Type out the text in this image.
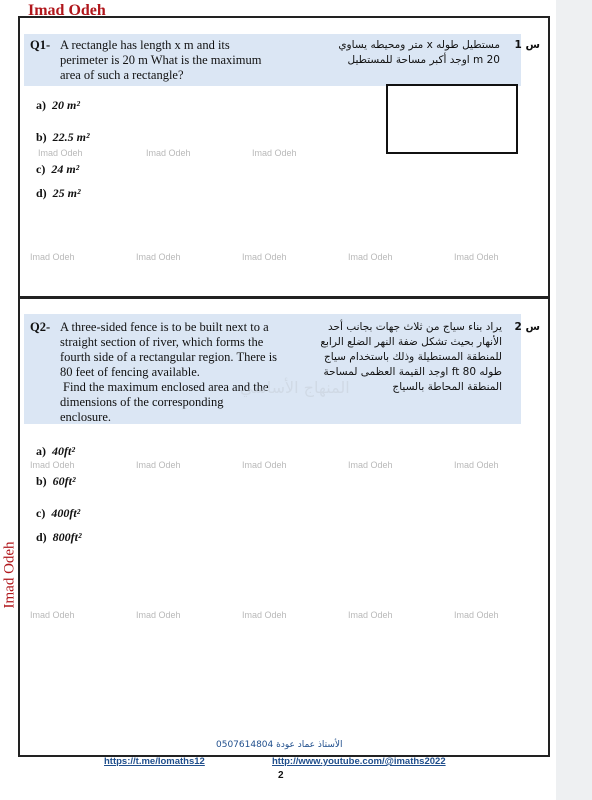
Imad Odeh
Imad Odeh
Q1- A rectangle has length x m and its
perimeter is 20 m What is the maximum
area of such a rectangle?
مستطيل طوله x متر ومحيطه يساوي
20 m اوجد أكبر مساحة للمستطيل
س 1
a) 20 m²
b) 22.5 m²
c) 24 m²
d) 25 m²
Imad Odeh	Imad Odeh	Imad Odeh
Imad Odeh	Imad Odeh	Imad Odeh	Imad Odeh	Imad Odeh
Q2- A three-sided fence is to be built next to a
straight section of river, which forms the
fourth side of a rectangular region. There is
80 feet of fencing available.
Find the maximum enclosed area and the
dimensions of the corresponding
enclosure.
يراد بناء سياج من ثلاث جهات بجانب أحد
الأنهار بحيث تشكل ضفة النهر الضلع الرابع
للمنطقة المستطيلة وذلك باستخدام سياج
طوله 80 ft اوجد القيمة العظمى لمساحة
المنطقة المحاطة بالسياج
س 2
المنهاج الأساسي
a) 40ft²
b) 60ft²
c) 400ft²
d) 800ft²
Imad Odeh	Imad Odeh	Imad Odeh	Imad Odeh	Imad Odeh
Imad Odeh	Imad Odeh	Imad Odeh	Imad Odeh	Imad Odeh
الأستاذ عماد عودة 0507614804
https://t.me/Iomaths12	http://www.youtube.com/@imaths2022
2
